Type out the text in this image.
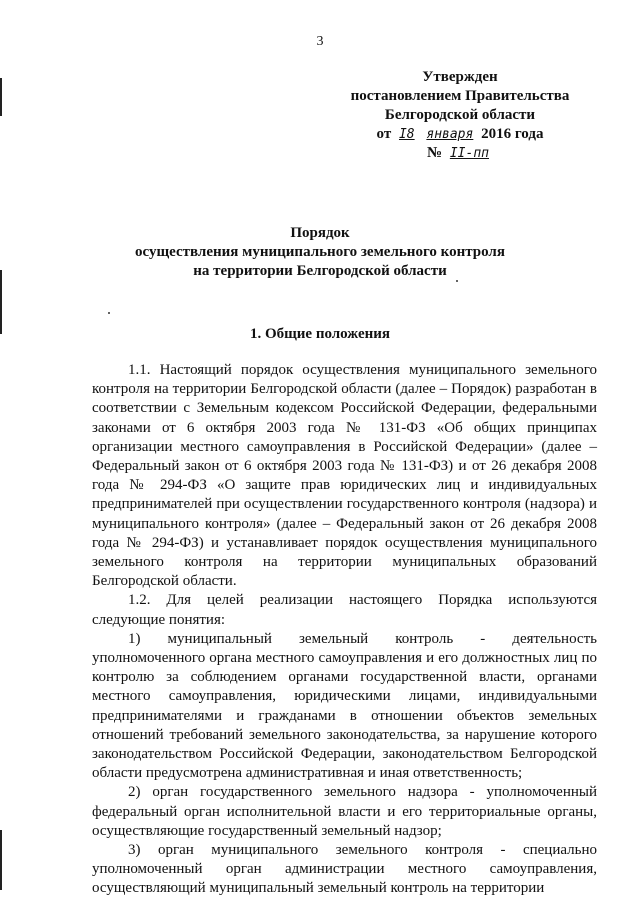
3
Утвержден
постановлением Правительства
Белгородской области
от I8 января 2016 года
№ II-пп
Порядок
осуществления муниципального земельного контроля
на территории Белгородской области
1. Общие положения

1.1. Настоящий порядок осуществления муниципального земельного контроля на территории Белгородской области (далее – Порядок) разработан в соответствии с Земельным кодексом Российской Федерации, федеральными законами от 6 октября 2003 года № 131-ФЗ «Об общих принципах организации местного самоуправления в Российской Федерации» (далее – Федеральный закон от 6 октября 2003 года № 131-ФЗ) и от 26 декабря 2008 года № 294-ФЗ «О защите прав юридических лиц и индивидуальных предпринимателей при осуществлении государственного контроля (надзора) и муниципального контроля» (далее – Федеральный закон от 26 декабря 2008 года № 294-ФЗ) и устанавливает порядок осуществления муниципального земельного контроля на территории муниципальных образований Белгородской области.

1.2. Для целей реализации настоящего Порядка используются следующие понятия:

1) муниципальный земельный контроль - деятельность уполномоченного органа местного самоуправления и его должностных лиц по контролю за соблюдением органами государственной власти, органами местного самоуправления, юридическими лицами, индивидуальными предпринимателями и гражданами в отношении объектов земельных отношений требований земельного законодательства, за нарушение которого законодательством Российской Федерации, законодательством Белгородской области предусмотрена административная и иная ответственность;

2) орган государственного земельного надзора - уполномоченный федеральный орган исполнительной власти и его территориальные органы, осуществляющие государственный земельный надзор;

3) орган муниципального земельного контроля - специально уполномоченный орган администрации местного самоуправления, осуществляющий муниципальный земельный контроль на территории
